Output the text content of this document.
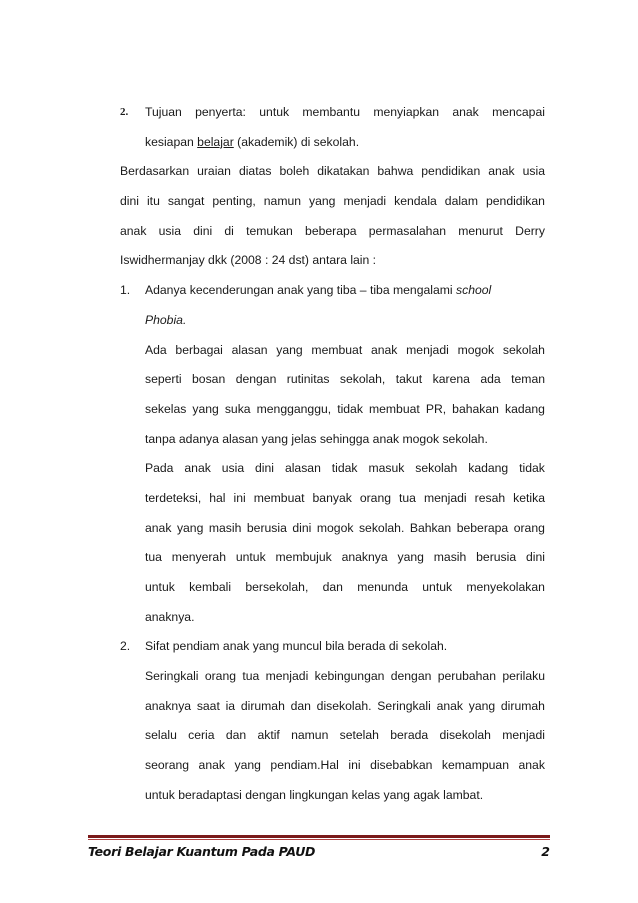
2. Tujuan penyerta: untuk membantu menyiapkan anak mencapai
kesiapan belajar (akademik) di sekolah.
Berdasarkan uraian diatas boleh dikatakan bahwa pendidikan anak usia
dini itu sangat penting, namun yang menjadi kendala dalam pendidikan
anak usia dini di temukan beberapa permasalahan menurut Derry
Iswidhermanjay dkk (2008 : 24 dst) antara lain :
1. Adanya kecenderungan anak yang tiba – tiba mengalami school
Phobia.
Ada berbagai alasan yang membuat anak menjadi mogok sekolah
seperti bosan dengan rutinitas sekolah, takut karena ada teman
sekelas yang suka mengganggu, tidak membuat PR, bahakan kadang
tanpa adanya alasan yang jelas sehingga anak mogok sekolah.
Pada anak usia dini alasan tidak masuk sekolah kadang tidak
terdeteksi, hal ini membuat banyak orang tua menjadi resah ketika
anak yang masih berusia dini mogok sekolah. Bahkan beberapa orang
tua menyerah untuk membujuk anaknya yang masih berusia dini
untuk kembali bersekolah, dan menunda untuk menyekolakan
anaknya.
2. Sifat pendiam anak yang muncul bila berada di sekolah.
Seringkali orang tua menjadi kebingungan dengan perubahan perilaku
anaknya saat ia dirumah dan disekolah. Seringkali anak yang dirumah
selalu ceria dan aktif namun setelah berada disekolah menjadi
seorang anak yang pendiam.Hal ini disebabkan kemampuan anak
untuk beradaptasi dengan lingkungan kelas yang agak lambat.
Teori Belajar Kuantum Pada PAUD	2
